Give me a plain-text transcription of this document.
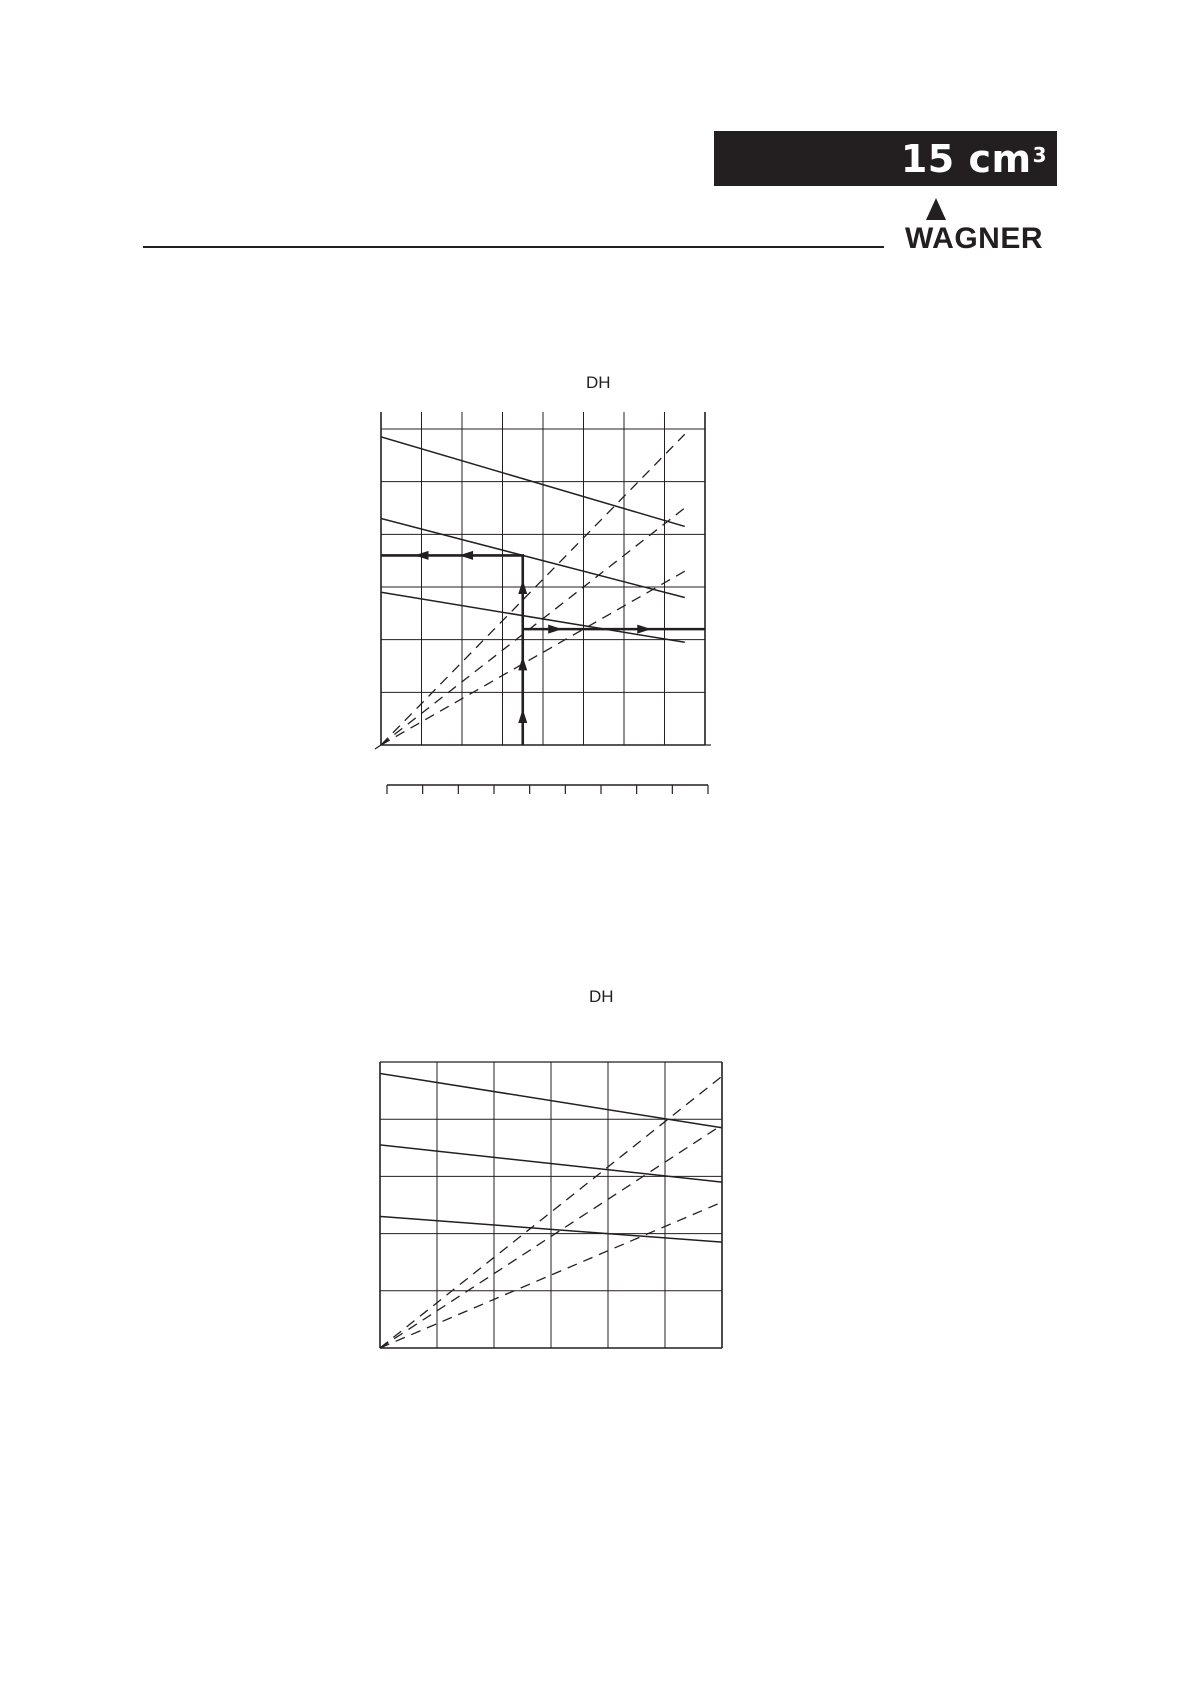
15 $cm^3$
WAGNER
DH
DH
